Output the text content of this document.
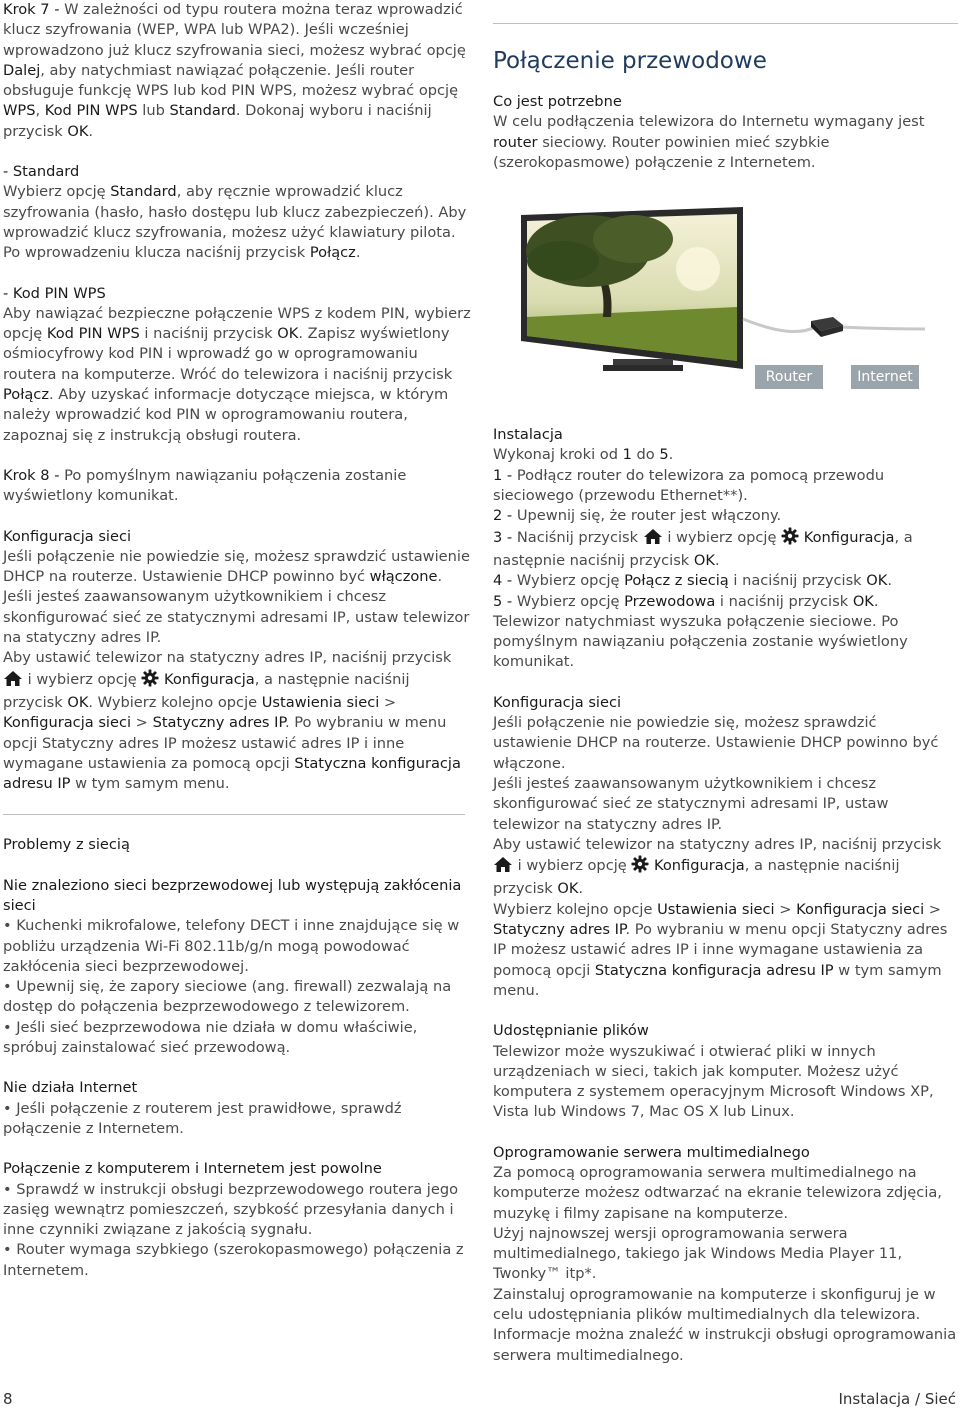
Krok 7 - W zależności od typu routera można teraz wprowadzić klucz szyfrowania (WEP, WPA lub WPA2). Jeśli wcześniej wprowadzono już klucz szyfrowania sieci, możesz wybrać opcję Dalej, aby natychmiast nawiązać połączenie. Jeśli router obsługuje funkcję WPS lub kod PIN WPS, możesz wybrać opcję WPS, Kod PIN WPS lub Standard. Dokonaj wyboru i naciśnij przycisk OK.

- Standard

Wybierz opcję Standard, aby ręcznie wprowadzić klucz szyfrowania (hasło, hasło dostępu lub klucz zabezpieczeń). Aby wprowadzić klucz szyfrowania, możesz użyć klawiatury pilota. Po wprowadzeniu klucza naciśnij przycisk Połącz.

- Kod PIN WPS

Aby nawiązać bezpieczne połączenie WPS z kodem PIN, wybierz opcję Kod PIN WPS i naciśnij przycisk OK. Zapisz wyświetlony ośmiocyfrowy kod PIN i wprowadź go w oprogramowaniu routera na komputerze. Wróć do telewizora i naciśnij przycisk Połącz. Aby uzyskać informacje dotyczące miejsca, w którym należy wprowadzić kod PIN w oprogramowaniu routera, zapoznaj się z instrukcją obsługi routera.

Krok 8 - Po pomyślnym nawiązaniu połączenia zostanie wyświetlony komunikat.

Konfiguracja sieci

Jeśli połączenie nie powiedzie się, możesz sprawdzić ustawienie DHCP na routerze. Ustawienie DHCP powinno być włączone.

Jeśli jesteś zaawansowanym użytkownikiem i chcesz skonfigurować sieć ze statycznymi adresami IP, ustaw telewizor na statyczny adres IP.

Aby ustawić telewizor na statyczny adres IP, naciśnij przycisk
i wybierz opcję  Konfiguracja, a następnie naciśnij przycisk OK. Wybierz kolejno opcje Ustawienia sieci > Konfiguracja sieci > Statyczny adres IP. Po wybraniu w menu opcji Statyczny adres IP możesz ustawić adres IP i inne wymagane ustawienia za pomocą opcji Statyczna konfiguracja adresu IP w tym samym menu.

Problemy z siecią

Nie znaleziono sieci bezprzewodowej lub występują zakłócenia sieci

• Kuchenki mikrofalowe, telefony DECT i inne znajdujące się w pobliżu urządzenia Wi-Fi 802.11b/g/n mogą powodować zakłócenia sieci bezprzewodowej.

• Upewnij się, że zapory sieciowe (ang. firewall) zezwalają na dostęp do połączenia bezprzewodowego z telewizorem.

• Jeśli sieć bezprzewodowa nie działa w domu właściwie, spróbuj zainstalować sieć przewodową.

Nie działa Internet

• Jeśli połączenie z routerem jest prawidłowe, sprawdź połączenie z Internetem.

Połączenie z komputerem i Internetem jest powolne

• Sprawdź w instrukcji obsługi bezprzewodowego routera jego zasięg wewnątrz pomieszczeń, szybkość przesyłania danych i inne czynniki związane z jakością sygnału.

• Router wymaga szybkiego (szerokopasmowego) połączenia z Internetem.

Połączenie przewodowe

Co jest potrzebne

W celu podłączenia telewizora do Internetu wymagany jest router sieciowy. Router powinien mieć szybkie (szerokopasmowe) połączenie z Internetem.

Router	Internet

Instalacja

Wykonaj kroki od 1 do 5.

1 - Podłącz router do telewizora za pomocą przewodu sieciowego (przewodu Ethernet**).

2 - Upewnij się, że router jest włączony.

3 - Naciśnij przycisk  i wybierz opcję  Konfiguracja, a następnie naciśnij przycisk OK.

4 - Wybierz opcję Połącz z siecią i naciśnij przycisk OK.

5 - Wybierz opcję Przewodowa i naciśnij przycisk OK.

Telewizor natychmiast wyszuka połączenie sieciowe. Po pomyślnym nawiązaniu połączenia zostanie wyświetlony komunikat.

Konfiguracja sieci

Jeśli połączenie nie powiedzie się, możesz sprawdzić ustawienie DHCP na routerze. Ustawienie DHCP powinno być włączone.

Jeśli jesteś zaawansowanym użytkownikiem i chcesz skonfigurować sieć ze statycznymi adresami IP, ustaw telewizor na statyczny adres IP.

Aby ustawić telewizor na statyczny adres IP, naciśnij przycisk
i wybierz opcję  Konfiguracja, a następnie naciśnij przycisk OK.

Wybierz kolejno opcje Ustawienia sieci > Konfiguracja sieci > Statyczny adres IP. Po wybraniu w menu opcji Statyczny adres IP możesz ustawić adres IP i inne wymagane ustawienia za pomocą opcji Statyczna konfiguracja adresu IP w tym samym menu.

Udostępnianie plików

Telewizor może wyszukiwać i otwierać pliki w innych urządzeniach w sieci, takich jak komputer. Możesz użyć komputera z systemem operacyjnym Microsoft Windows XP, Vista lub Windows 7, Mac OS X lub Linux.

Oprogramowanie serwera multimedialnego

Za pomocą oprogramowania serwera multimedialnego na komputerze możesz odtwarzać na ekranie telewizora zdjęcia, muzykę i filmy zapisane na komputerze.

Użyj najnowszej wersji oprogramowania serwera multimedialnego, takiego jak Windows Media Player 11, Twonky™ itp*.

Zainstaluj oprogramowanie na komputerze i skonfiguruj je w celu udostępniania plików multimedialnych dla telewizora. Informacje można znaleźć w instrukcji obsługi oprogramowania serwera multimedialnego.

8	Instalacja / Sieć
